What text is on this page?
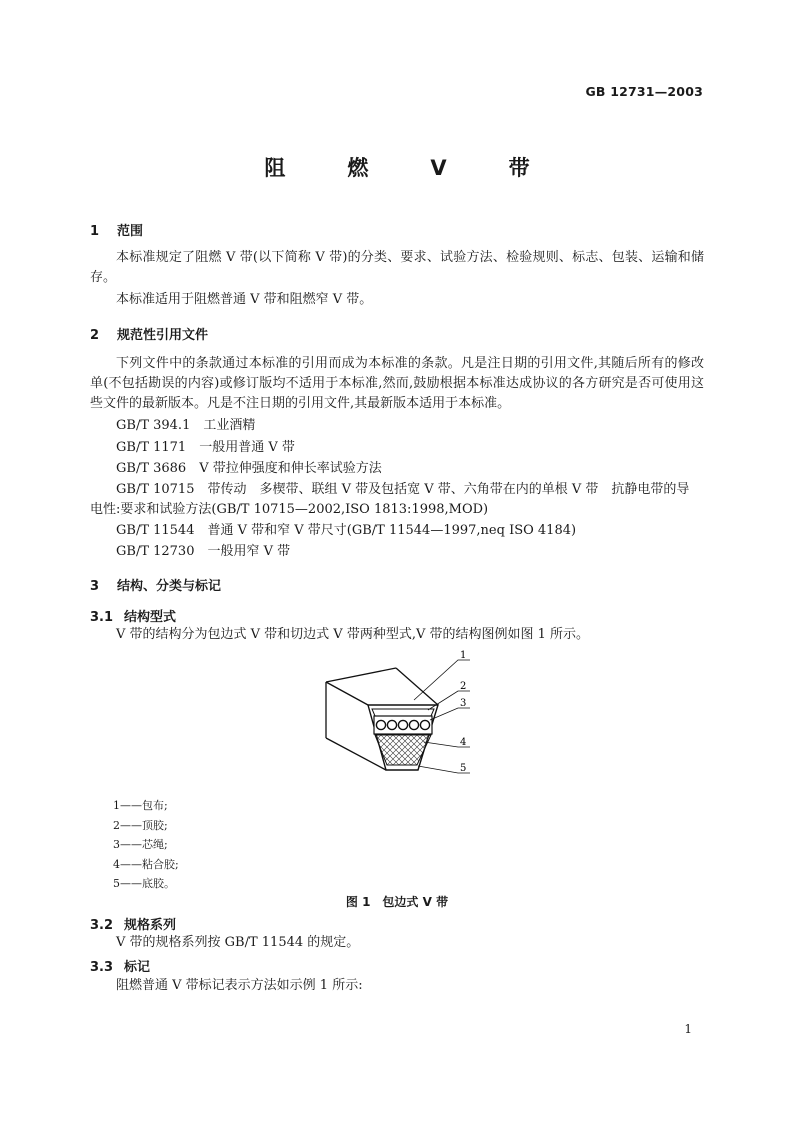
GB 12731—2003
阻	燃	V	带
1 范围
本标准规定了阻燃 V 带(以下简称 V 带)的分类、要求、试验方法、检验规则、标志、包装、运输和储存。
本标准适用于阻燃普通 V 带和阻燃窄 V 带。
2 规范性引用文件
下列文件中的条款通过本标准的引用而成为本标准的条款。凡是注日期的引用文件,其随后所有的修改单(不包括勘误的内容)或修订版均不适用于本标准,然而,鼓励根据本标准达成协议的各方研究是否可使用这些文件的最新版本。凡是不注日期的引用文件,其最新版本适用于本标准。
GB/T 394.1　工业酒精
GB/T 1171　一般用普通 V 带
GB/T 3686　V 带拉伸强度和伸长率试验方法
GB/T 10715　带传动　多楔带、联组 V 带及包括宽 V 带、六角带在内的单根 V 带　抗静电带的导
电性:要求和试验方法(GB/T 10715—2002,ISO 1813:1998,MOD)
GB/T 11544　普通 V 带和窄 V 带尺寸(GB/T 11544—1997,neq ISO 4184)
GB/T 12730　一般用窄 V 带
3 结构、分类与标记
3.1 结构型式
V 带的结构分为包边式 V 带和切边式 V 带两种型式,V 带的结构图例如图 1 所示。
1
2
3
4
5
1——包布;
2——顶胶;
3——芯绳;
4——粘合胶;
5——底胶。
图 1　包边式 V 带
3.2 规格系列
V 带的规格系列按 GB/T 11544 的规定。
3.3 标记
阻燃普通 V 带标记表示方法如示例 1 所示:
1
